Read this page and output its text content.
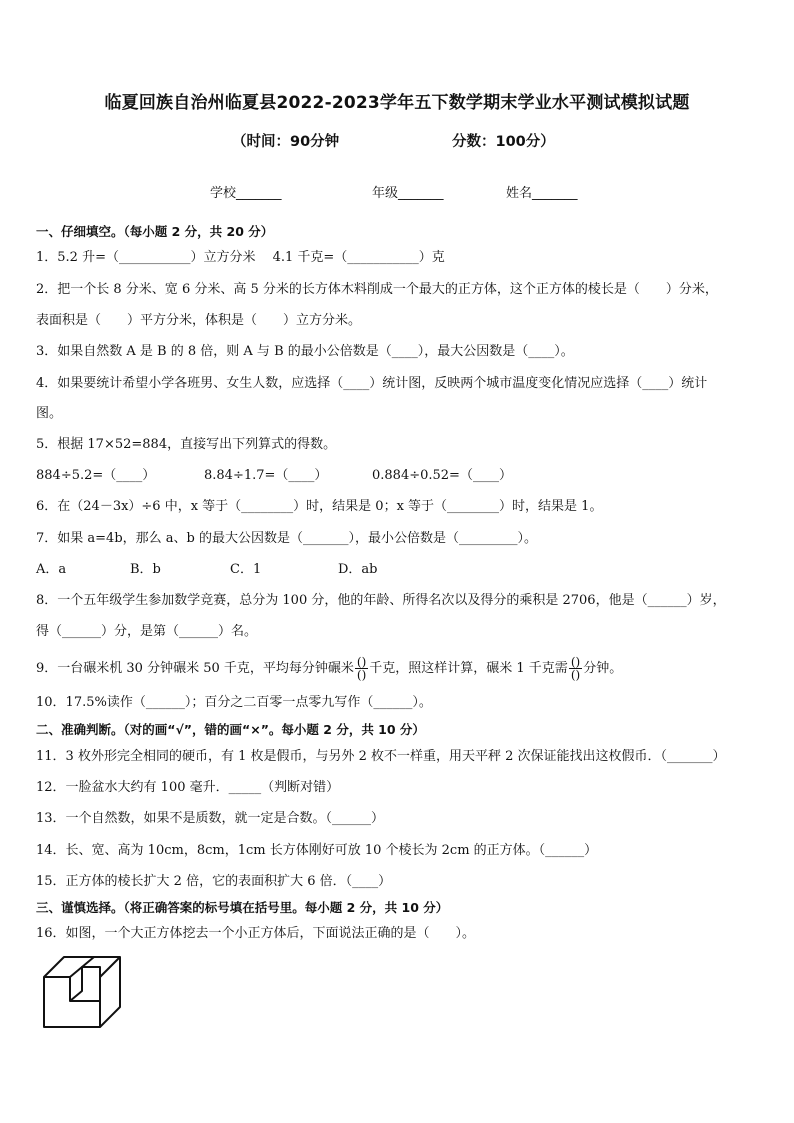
临夏回族自治州临夏县2022-2023学年五下数学期末学业水平测试模拟试题
（时间：90分钟	分数：100分）
学校_______	年级_______	姓名_______
一、仔细填空。（每小题 2 分，共 20 分）
1．5.2 升=（___________）立方分米　 4.1 千克=（___________）克
2．把一个长 8 分米、宽 6 分米、高 5 分米的长方体木料削成一个最大的正方体，这个正方体的棱长是（　　）分米，
表面积是（　　）平方分米，体积是（　　）立方分米。
3．如果自然数 A 是 B 的 8 倍，则 A 与 B 的最小公倍数是（____），最大公因数是（____）。
4．如果要统计希望小学各班男、女生人数，应选择（____）统计图，反映两个城市温度变化情况应选择（____）统计
图。
5．根据 17×52=884，直接写出下列算式的得数。
884÷5.2=（____）	8.84÷1.7=（____）	0.884÷0.52=（____）
6．在（24－3x）÷6 中，x 等于（________）时，结果是 0；x 等于（________）时，结果是 1。
7．如果 a=4b，那么 a、b 的最大公因数是（_______），最小公倍数是（_________）。
A．a	B．b	C．1	D．ab
8．一个五年级学生参加数学竞赛，总分为 100 分，他的年龄、所得名次以及得分的乘积是 2706，他是（______）岁，
得（______）分，是第（______）名。
9．一台碾米机 30 分钟碾米 50 千克，平均每分钟碾米 $\frac{()}{()}$ 千克，照这样计算，碾米 1 千克需 $\frac{()}{()}$ 分钟。
10．17.5%读作（______）；百分之二百零一点零九写作（______）。
二、准确判断。（对的画“√”，错的画“×”。每小题 2 分，共 10 分）
11．3 枚外形完全相同的硬币，有 1 枚是假币，与另外 2 枚不一样重，用天平秤 2 次保证能找出这枚假币．（_______）
12．一脸盆水大约有 100 毫升．_____（判断对错）
13．一个自然数，如果不是质数，就一定是合数。（______）
14．长、宽、高为 10cm，8cm，1cm 长方体刚好可放 10 个棱长为 2cm 的正方体。（______）
15．正方体的棱长扩大 2 倍，它的表面积扩大 6 倍．（____）
三、谨慎选择。（将正确答案的标号填在括号里。每小题 2 分，共 10 分）
16．如图，一个大正方体挖去一个小正方体后，下面说法正确的是（　　）。
